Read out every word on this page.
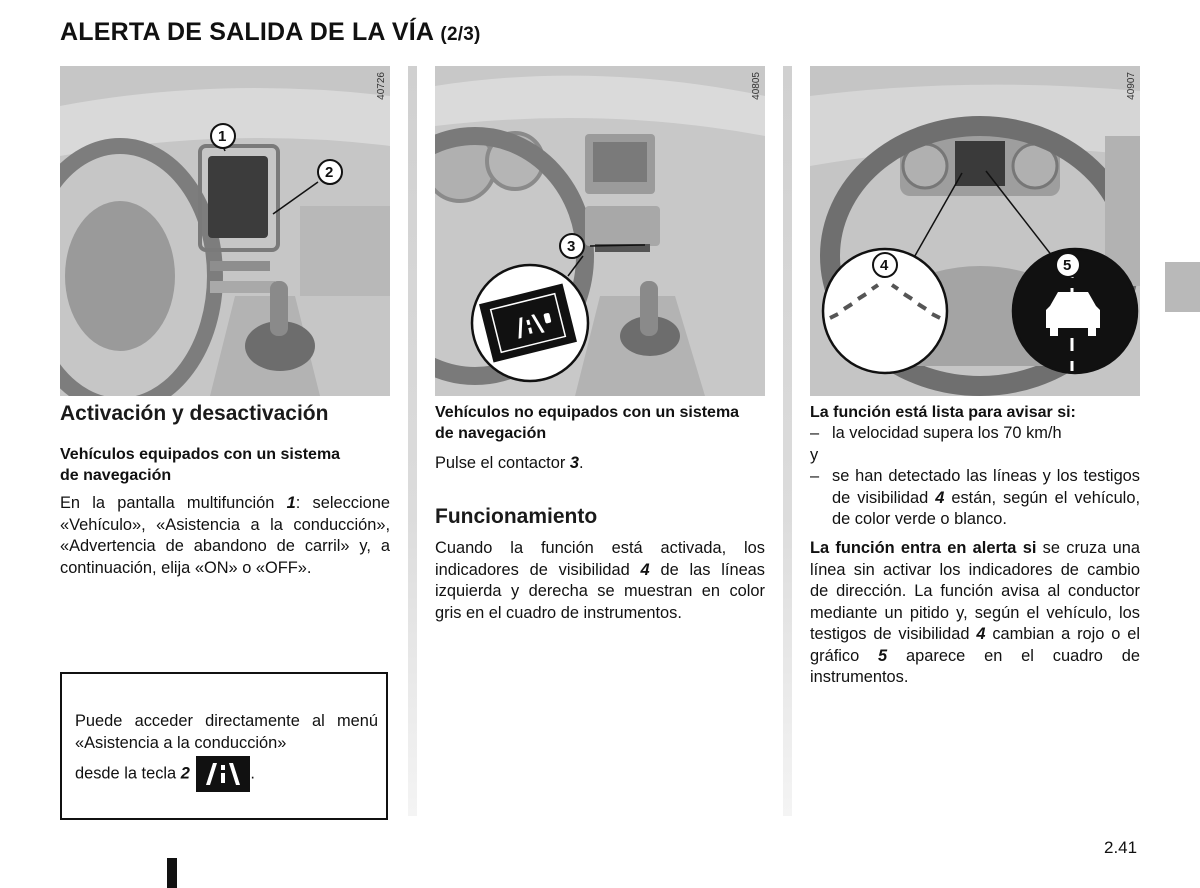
ALERTA DE SALIDA DE LA VÍA (2/3)
1
2
40726
3
40805
4	5
40907
Activación y desactivación
Vehículos equipados con un sistema de navegación
En la pantalla multifunción 1: seleccione «Vehículo», «Asistencia a la conducción», «Advertencia de abandono de carril» y, a continuación, elija «ON» o «OFF».
Puede acceder directamente al menú «Asistencia a la conducción»
desde la tecla 2	.
Vehículos no equipados con un sistema de navegación
Pulse el contactor 3.
Funcionamiento
Cuando la función está activada, los indicadores de visibilidad 4 de las líneas izquierda y derecha se muestran en color gris en el cuadro de instrumentos.
La función está lista para avisar si:
– la velocidad supera los 70 km/h
y
– se han detectado las líneas y los testigos de visibilidad 4 están, según el vehículo, de color verde o blanco.
La función entra en alerta si se cruza una línea sin activar los indicadores de cambio de dirección. La función avisa al conductor mediante un pitido y, según el vehículo, los testigos de visibilidad 4 cambian a rojo o el gráfico 5 aparece en el cuadro de instrumentos.
2.41
